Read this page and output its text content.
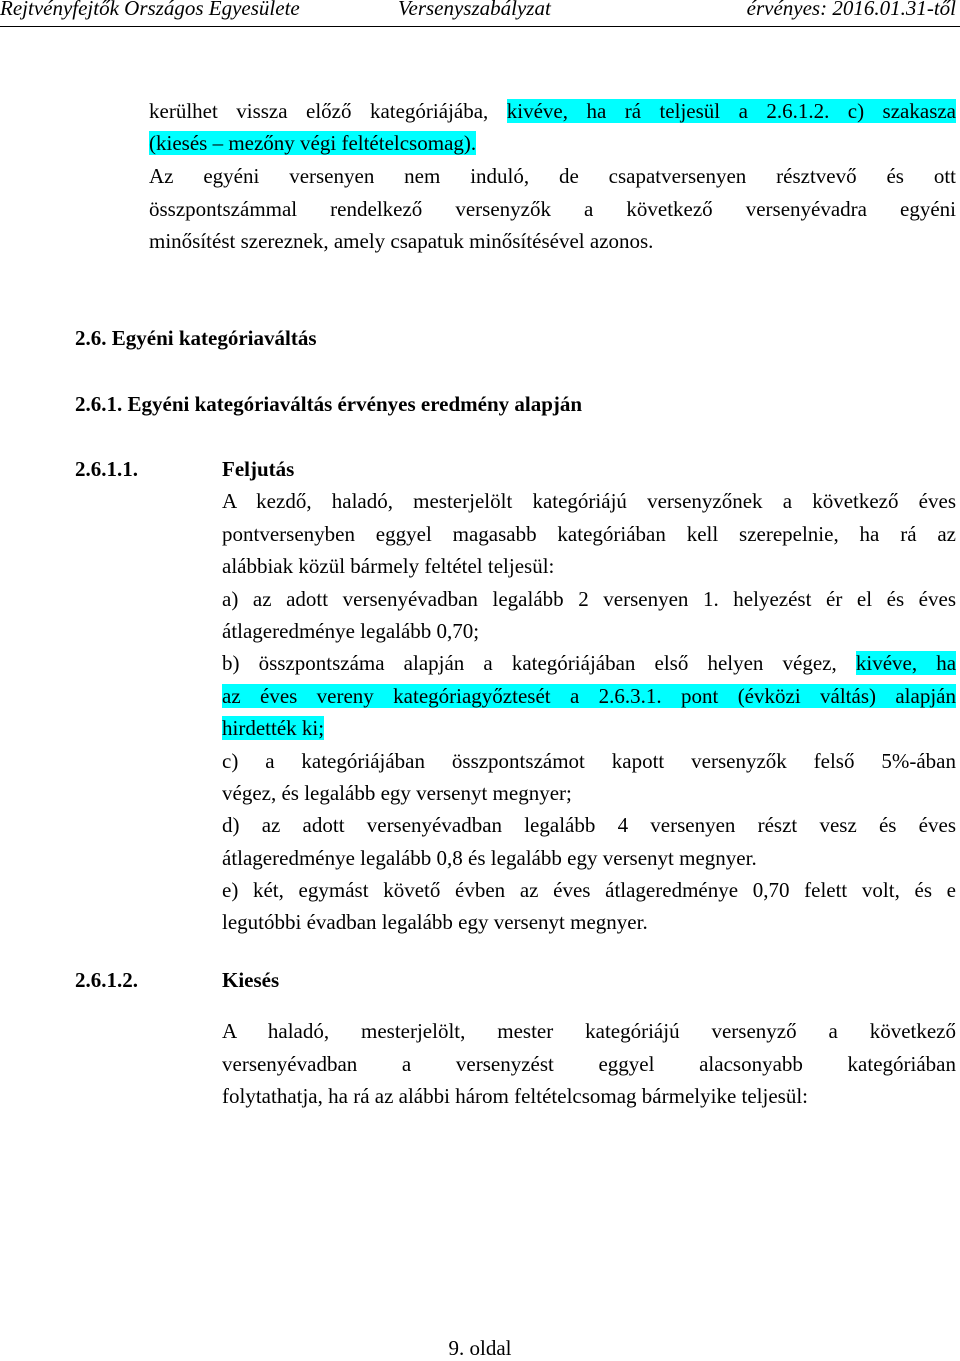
Rejtvényfejtők Országos Egyesülete	Versenyszabályzat	érvényes: 2016.01.31-től
kerülhet vissza előző kategóriájába, kivéve, ha rá teljesül a 2.6.1.2. c) szakasza
(kiesés – mezőny végi feltételcsomag).
Az egyéni versenyen nem induló, de csapatversenyen résztvevő és ott
összpontszámmal rendelkező versenyzők a következő versenyévadra egyéni
minősítést szereznek, amely csapatuk minősítésével azonos.
2.6. Egyéni kategóriaváltás
2.6.1. Egyéni kategóriaváltás érvényes eredmény alapján
2.6.1.1.	Feljutás
A kezdő, haladó, mesterjelölt kategóriájú versenyzőnek a következő éves
pontversenyben eggyel magasabb kategóriában kell szerepelnie, ha rá az
alábbiak közül bármely feltétel teljesül:
a) az adott versenyévadban legalább 2 versenyen 1. helyezést ér el és éves
átlageredménye legalább 0,70;
b) összpontszáma alapján a kategóriájában első helyen végez, kivéve, ha
az éves vereny kategóriagyőztesét a 2.6.3.1. pont (évközi váltás) alapján
hirdették ki;
c) a kategóriájában összpontszámot kapott versenyzők felső 5%-ában
végez, és legalább egy versenyt megnyer;
d) az adott versenyévadban legalább 4 versenyen részt vesz és éves
átlageredménye legalább 0,8 és legalább egy versenyt megnyer.
e) két, egymást követő évben az éves átlageredménye 0,70 felett volt, és e
legutóbbi évadban legalább egy versenyt megnyer.
2.6.1.2.	Kiesés
A haladó, mesterjelölt, mester kategóriájú versenyző a következő
versenyévadban a versenyzést eggyel alacsonyabb kategóriában
folytathatja, ha rá az alábbi három feltételcsomag bármelyike teljesül:
9. oldal
